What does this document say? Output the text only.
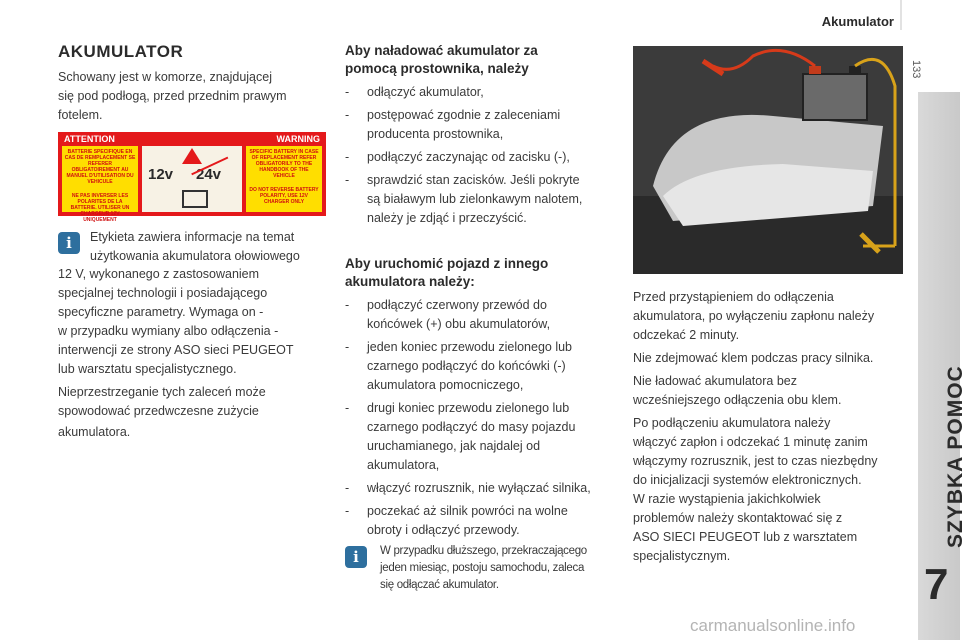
Akumulator
133
SZYBKA POMOC
7
AKUMULATOR
Schowany jest w komorze, znajdującej
się pod podłogą, przed przednim prawym
fotelem.
ATTENTION	WARNING
BATTERIE SPECIFIQUE EN CAS DE REMPLACEMENT SE REFERER OBLIGATOIREMENT AU MANUEL D'UTILISATION DU VEHICULE
NE PAS INVERSER LES POLARITES DE LA BATTERIE. UTILISER UN CHARGEUR 12V UNIQUEMENT
12v 24v
SPECIFIC BATTERY IN CASE OF REPLACEMENT REFER OBLIGATORILY TO THE HANDBOOK OF THE VEHICLE
DO NOT REVERSE BATTERY POLARITY, USE 12V CHARGER ONLY
i	Etykieta zawiera informacje na temat
użytkowania akumulatora ołowiowego
12 V, wykonanego z zastosowaniem
specjalnej technologii i posiadającego
specyficzne parametry. Wymaga on -
w przypadku wymiany albo odłączenia -
interwencji ze strony ASO sieci PEUGEOT
lub warsztatu specjalistycznego.
Nieprzestrzeganie tych zaleceń może
spowodować przedwczesne zużycie
akumulatora.
Aby naładować akumulator za
pomocą prostownika, należy
- odłączyć akumulator,
- postępować zgodnie z zaleceniami
producenta prostownika,
- podłączyć zaczynając od zacisku (-),
- sprawdzić stan zacisków. Jeśli pokryte
są białawym lub zielonkawym nalotem,
należy je zdjąć i przeczyścić.
Aby uruchomić pojazd z innego
akumulatora należy:
- podłączyć czerwony przewód do
końcówek (+) obu akumulatorów,
- jeden koniec przewodu zielonego lub
czarnego podłączyć do końcówki (-)
akumulatora pomocniczego,
- drugi koniec przewodu zielonego lub
czarnego podłączyć do masy pojazdu
uruchamianego, jak najdalej od
akumulatora,
- włączyć rozrusznik, nie wyłączać silnika,
- poczekać aż silnik powróci na wolne
obroty i odłączyć przewody.
i	W przypadku dłuższego, przekraczającego
jeden miesiąc, postoju samochodu, zaleca
się odłączać akumulator.
Przed przystąpieniem do odłączenia
akumulatora, po wyłączeniu zapłonu należy
odczekać 2 minuty.
Nie zdejmować klem podczas pracy silnika.
Nie ładować akumulatora bez
wcześniejszego odłączenia obu klem.
Po podłączeniu akumulatora należy
włączyć zapłon i odczekać 1 minutę zanim
włączymy rozrusznik, jest to czas niezbędny
do inicjalizacji systemów elektronicznych.
W razie wystąpienia jakichkolwiek
problemów należy skontaktować się z
ASO SIECI PEUGEOT lub z warsztatem
specjalistycznym.
carmanualsonline.info
